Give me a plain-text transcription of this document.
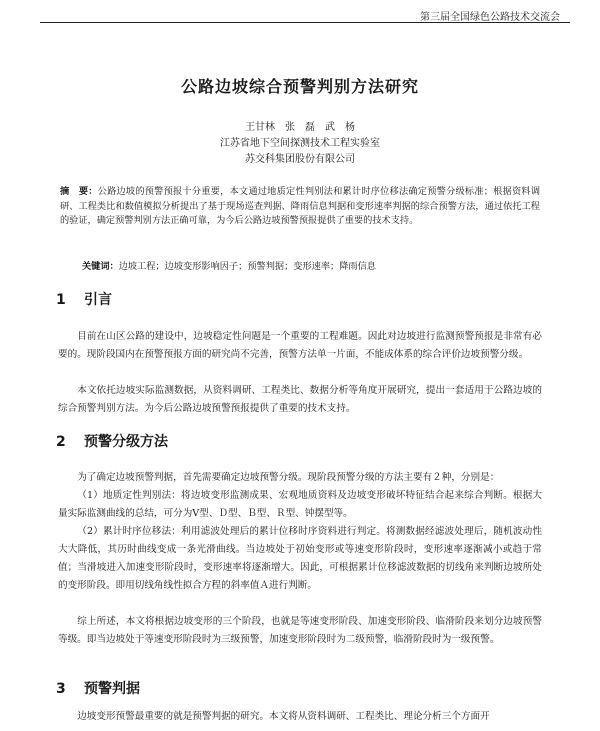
第三届全国绿色公路技术交流会
公路边坡综合预警判别方法研究
王甘林　张　磊　武　杨
江苏省地下空间探测技术工程实验室
苏交科集团股份有限公司
摘　要：公路边坡的预警预报十分重要，本文通过地质定性判别法和累计时序位移法确定预警分级标准；根据资料调研、工程类比和数值模拟分析提出了基于现场巡查判据、降雨信息判据和变形速率判据的综合预警方法，通过依托工程的验证，确定预警判别方法正确可靠，为今后公路边坡预警预报提供了重要的技术支持。
关键词：边坡工程；边坡变形影响因子；预警判据；变形速率；降雨信息
1 引言
目前在山区公路的建设中，边坡稳定性问题是一个重要的工程难题。因此对边坡进行监测预警预报是非常有必要的。现阶段国内在预警预报方面的研究尚不完善，预警方法单一片面，不能成体系的综合评价边坡预警分级。
本文依托边坡实际监测数据，从资料调研、工程类比、数据分析等角度开展研究，提出一套适用于公路边坡的综合预警判别方法。为今后公路边坡预警预报提供了重要的技术支持。
2 预警分级方法
为了确定边坡预警判据，首先需要确定边坡预警分级。现阶段预警分级的方法主要有２种，分别是：
（1）地质定性判别法：将边坡变形监测成果、宏观地质资料及边坡变形破坏特征结合起来综合判断。根据大量实际监测曲线的总结，可分为Ⅴ型、Ｄ型、Ｂ型、Ｒ型、钟摆型等。
（2）累计时序位移法：利用滤波处理后的累计位移时序资料进行判定。将测数据经滤波处理后，随机波动性大大降低，其历时曲线变成一条光滑曲线。当边坡处于初始变形或等速变形阶段时，变形速率逐渐减小或趋于常值；当滑坡进入加速变形阶段时，变形速率将逐渐增大。因此，可根据累计位移滤波数据的切线角来判断边坡所处的变形阶段。即用切线角线性拟合方程的斜率值Ａ进行判断。
综上所述，本文将根据边坡变形的三个阶段，也就是等速变形阶段、加速变形阶段、临滑阶段来划分边坡预警等级。即当边坡处于等速变形阶段时为三级预警，加速变形阶段时为二级预警，临滑阶段时为一级预警。
3 预警判据
边坡变形预警最重要的就是预警判据的研究。本文将从资料调研、工程类比、理论分析三个方面开
